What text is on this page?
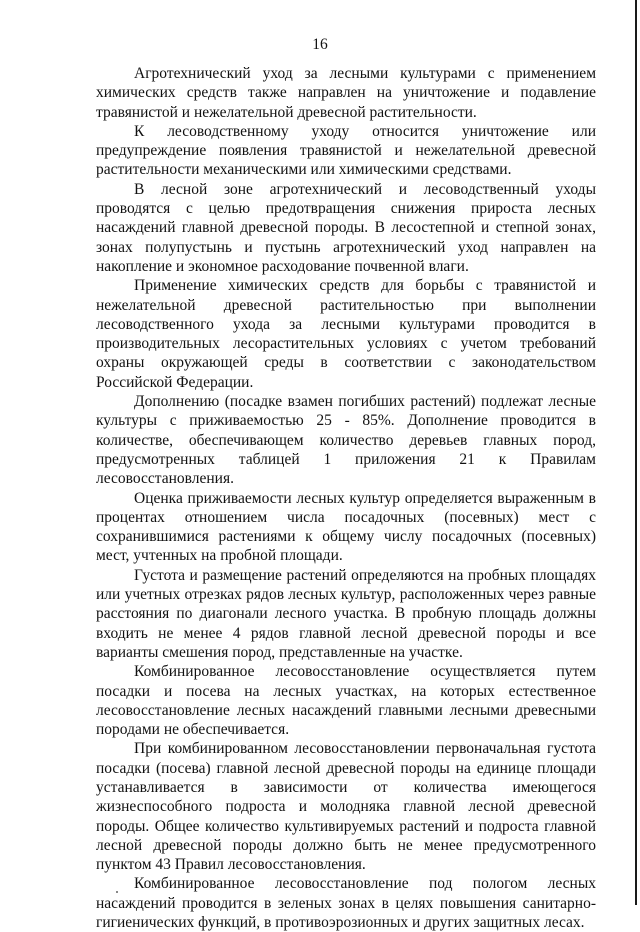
16

Агротехнический уход за лесными культурами с применением химических средств также направлен на уничтожение и подавление травянистой и нежелательной древесной растительности.

К лесоводственному уходу относится уничтожение или предупреждение появления травянистой и нежелательной древесной растительности механическими или химическими средствами.

В лесной зоне агротехнический и лесоводственный уходы проводятся с целью предотвращения снижения прироста лесных насаждений главной древесной породы. В лесостепной и степной зонах, зонах полупустынь и пустынь агротехнический уход направлен на накопление и экономное расходование почвенной влаги.

Применение химических средств для борьбы с травянистой и нежелательной древесной растительностью при выполнении лесоводственного ухода за лесными культурами проводится в производительных лесорастительных условиях с учетом требований охраны окружающей среды в соответствии с законодательством Российской Федерации.

Дополнению (посадке взамен погибших растений) подлежат лесные культуры с приживаемостью 25 - 85%. Дополнение проводится в количестве, обеспечивающем количество деревьев главных пород, предусмотренных таблицей 1 приложения 21 к Правилам лесовосстановления.

Оценка приживаемости лесных культур определяется выраженным в процентах отношением числа посадочных (посевных) мест с сохранившимися растениями к общему числу посадочных (посевных) мест, учтенных на пробной площади.

Густота и размещение растений определяются на пробных площадях или учетных отрезках рядов лесных культур, расположенных через равные расстояния по диагонали лесного участка. В пробную площадь должны входить не менее 4 рядов главной лесной древесной породы и все варианты смешения пород, представленные на участке.

Комбинированное лесовосстановление осуществляется путем посадки и посева на лесных участках, на которых естественное лесовосстановление лесных насаждений главными лесными древесными породами не обеспечивается.

При комбинированном лесовосстановлении первоначальная густота посадки (посева) главной лесной древесной породы на единице площади устанавливается в зависимости от количества имеющегося жизнеспособного подроста и молодняка главной лесной древесной породы. Общее количество культивируемых растений и подроста главной лесной древесной породы должно быть не менее предусмотренного пунктом 43 Правил лесовосстановления.

Комбинированное лесовосстановление под пологом лесных насаждений проводится в зеленых зонах в целях повышения санитарно-гигиенических функций, в противоэрозионных и других защитных лесах.
